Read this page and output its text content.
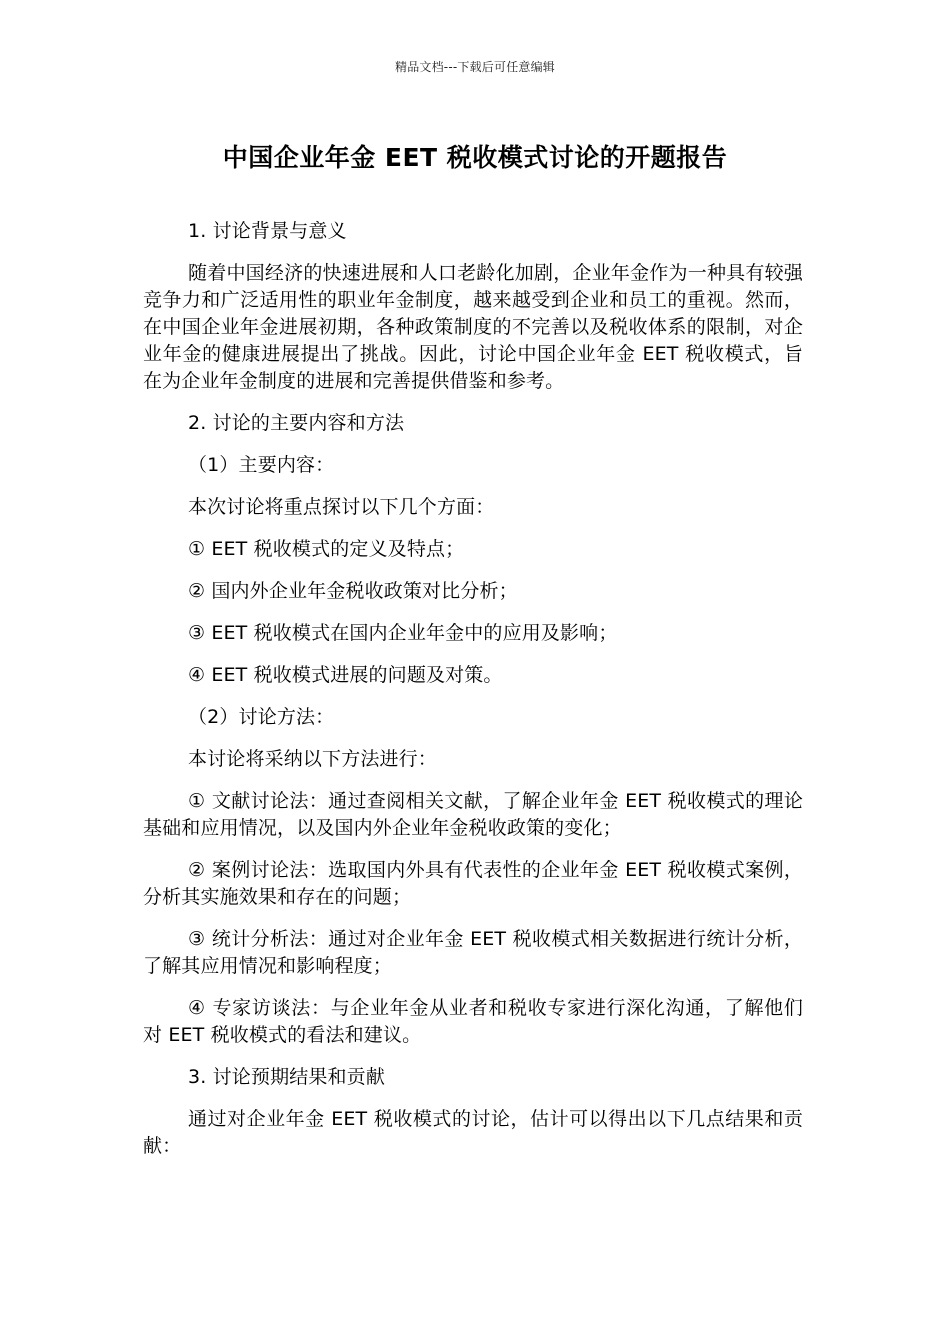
精品文档---下载后可任意编辑
中国企业年金 EET 税收模式讨论的开题报告

1. 讨论背景与意义

随着中国经济的快速进展和人口老龄化加剧，企业年金作为一种具有较强竞争力和广泛适用性的职业年金制度，越来越受到企业和员工的重视。然而，在中国企业年金进展初期，各种政策制度的不完善以及税收体系的限制，对企业年金的健康进展提出了挑战。因此，讨论中国企业年金 EET 税收模式，旨在为企业年金制度的进展和完善提供借鉴和参考。

2. 讨论的主要内容和方法

（1）主要内容：

本次讨论将重点探讨以下几个方面：

① EET 税收模式的定义及特点；

② 国内外企业年金税收政策对比分析；

③ EET 税收模式在国内企业年金中的应用及影响；

④ EET 税收模式进展的问题及对策。

（2）讨论方法：

本讨论将采纳以下方法进行：

① 文献讨论法：通过查阅相关文献，了解企业年金 EET 税收模式的理论基础和应用情况，以及国内外企业年金税收政策的变化；

② 案例讨论法：选取国内外具有代表性的企业年金 EET 税收模式案例，分析其实施效果和存在的问题；

③ 统计分析法：通过对企业年金 EET 税收模式相关数据进行统计分析，了解其应用情况和影响程度；

④ 专家访谈法：与企业年金从业者和税收专家进行深化沟通，了解他们对 EET 税收模式的看法和建议。

3. 讨论预期结果和贡献

通过对企业年金 EET 税收模式的讨论，估计可以得出以下几点结果和贡献：
